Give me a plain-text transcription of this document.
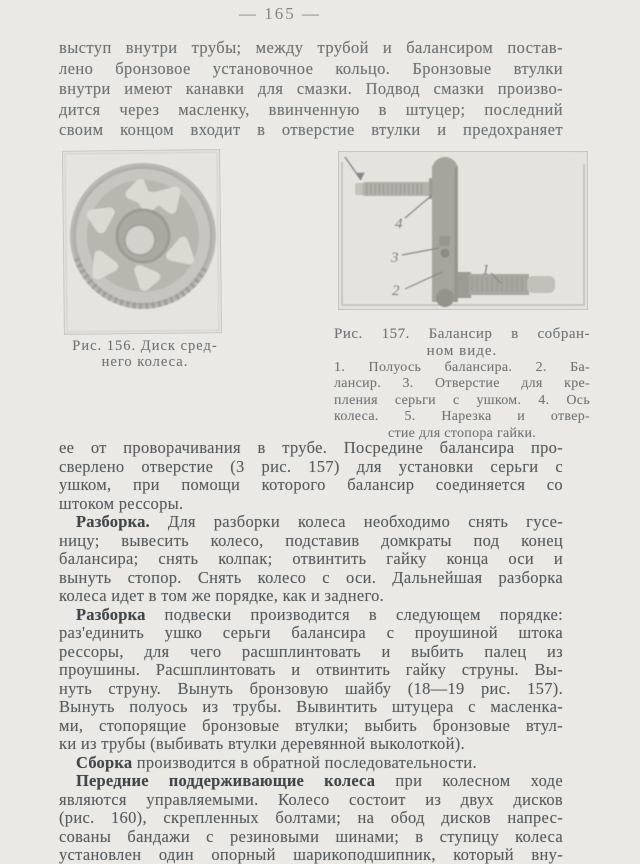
— 165 —
выступ внутри трубы; между трубой и балансиром постав-
лено бронзовое установочное кольцо. Бронзовые втулки
внутри имеют канавки для смазки. Подвод смазки произво-
дится через масленку, ввинченную в штуцер; последний
своим концом входит в отверстие втулки и предохраняет
Рис. 156. Диск сред-
него колеса.
4
3
2
1
Рис. 157. Балансир в собран-
ном виде.
1. Полуось балансира. 2. Ба-
лансир. 3. Отверстие для кре-
пления серьги с ушком. 4. Ось
колеса. 5. Нарезка и отвер-
стие для стопора гайки.
ее от проворачивания в трубе. Посредине балансира про-
сверлено отверстие (3 рис. 157) для установки серьги с
ушком, при помощи которого балансир соединяется со
штоком рессоры.
Разборка. Для разборки колеса необходимо снять гусе-
ницу; вывесить колесо, подставив домкраты под конец
балансира; снять колпак; отвинтить гайку конца оси и
вынуть стопор. Снять колесо с оси. Дальнейшая разборка
колеса идет в том же порядке, как и заднего.
Разборка подвески производится в следующем порядке:
раз'единить ушко серьги балансира с проушиной штока
рессоры, для чего расшплинтовать и выбить палец из
проушины. Расшплинтовать и отвинтить гайку струны. Вы-
нуть струну. Вынуть бронзовую шайбу (18—19 рис. 157).
Вынуть полуось из трубы. Вывинтить штуцера с масленка-
ми, стопорящие бронзовые втулки; выбить бронзовые втул-
ки из трубы (выбивать втулки деревянной выколоткой).
Сборка производится в обратной последовательности.
Передние поддерживающие колеса при колесном ходе
являются управляемыми. Колесо состоит из двух дисков
(рис. 160), скрепленных болтами; на обод дисков напрес-
сованы бандажи с резиновыми шинами; в ступицу колеса
установлен один опорный шарикоподшипник, который вну-
